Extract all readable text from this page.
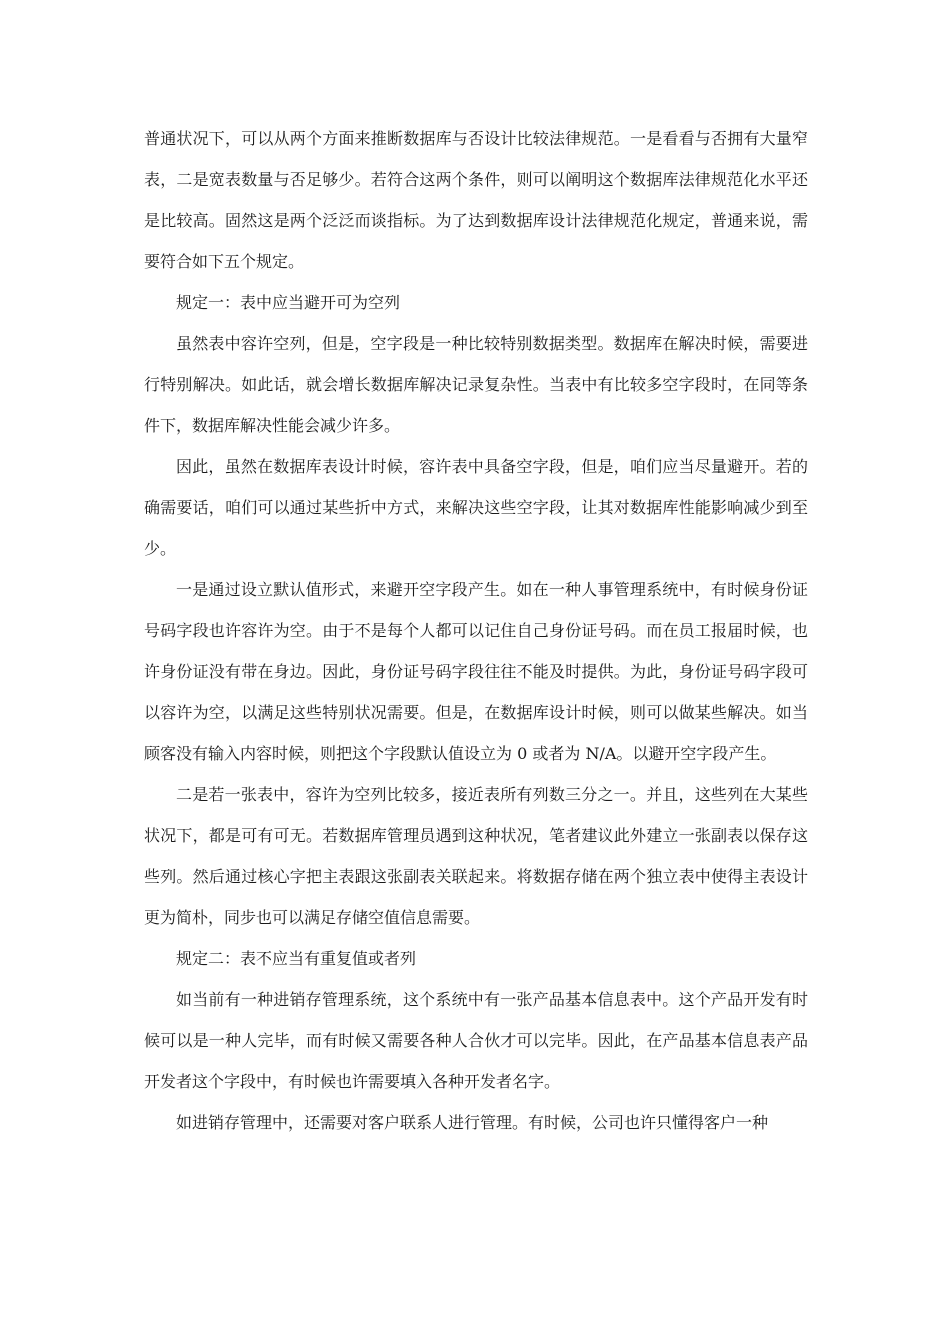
普通状况下，可以从两个方面来推断数据库与否设计比较法律规范。一是看看与否拥有大量窄表，二是宽表数量与否足够少。若符合这两个条件，则可以阐明这个数据库法律规范化水平还是比较高。固然这是两个泛泛而谈指标。为了达到数据库设计法律规范化规定，普通来说，需要符合如下五个规定。

规定一：表中应当避开可为空列

虽然表中容许空列，但是，空字段是一种比较特别数据类型。数据库在解决时候，需要进行特别解决。如此话，就会增长数据库解决记录复杂性。当表中有比较多空字段时，在同等条件下，数据库解决性能会减少许多。

因此，虽然在数据库表设计时候，容许表中具备空字段，但是，咱们应当尽量避开。若的确需要话，咱们可以通过某些折中方式，来解决这些空字段，让其对数据库性能影响减少到至少。

一是通过设立默认值形式，来避开空字段产生。如在一种人事管理系统中，有时候身份证号码字段也许容许为空。由于不是每个人都可以记住自己身份证号码。而在员工报届时候，也许身份证没有带在身边。因此，身份证号码字段往往不能及时提供。为此，身份证号码字段可以容许为空，以满足这些特别状况需要。但是，在数据库设计时候，则可以做某些解决。如当顾客没有输入内容时候，则把这个字段默认值设立为 0 或者为 N/A。以避开空字段产生。

二是若一张表中，容许为空列比较多，接近表所有列数三分之一。并且，这些列在大某些状况下，都是可有可无。若数据库管理员遇到这种状况，笔者建议此外建立一张副表以保存这些列。然后通过核心字把主表跟这张副表关联起来。将数据存储在两个独立表中使得主表设计更为简朴，同步也可以满足存储空值信息需要。

规定二：表不应当有重复值或者列

如当前有一种进销存管理系统，这个系统中有一张产品基本信息表中。这个产品开发有时候可以是一种人完毕，而有时候又需要各种人合伙才可以完毕。因此，在产品基本信息表产品开发者这个字段中，有时候也许需要填入各种开发者名字。

如进销存管理中，还需要对客户联系人进行管理。有时候，公司也许只懂得客户一种
